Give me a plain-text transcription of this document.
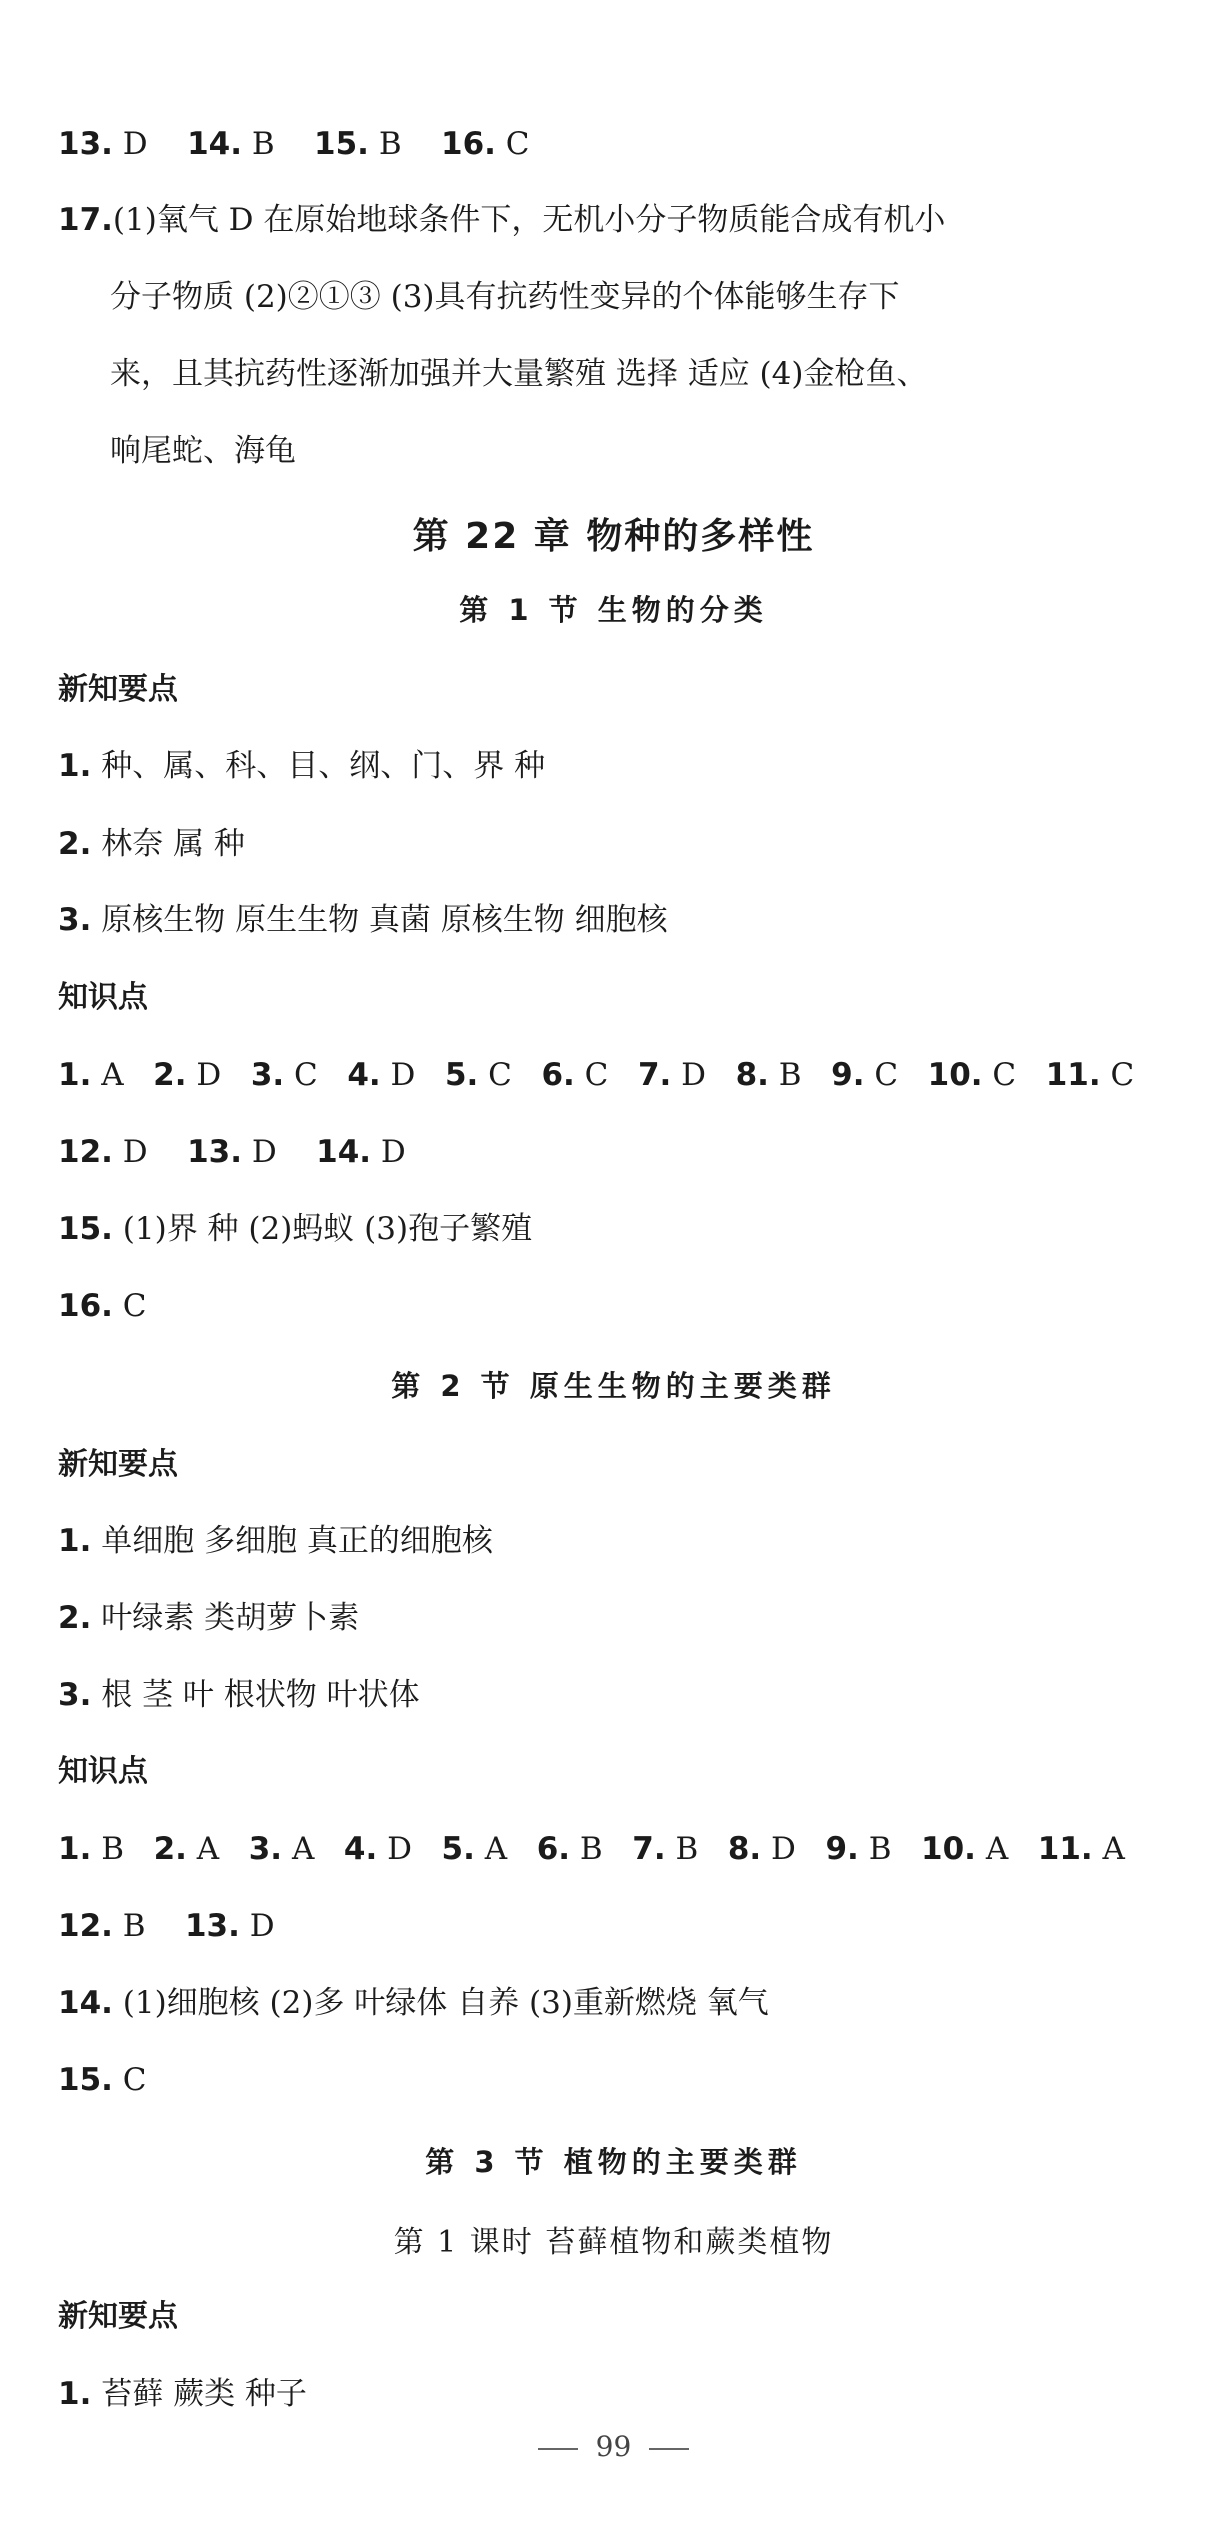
13. D 14. B 15. B 16. C
17.(1)氧气 D 在原始地球条件下，无机小分子物质能合成有机小
分子物质 (2)②①③ (3)具有抗药性变异的个体能够生存下
来，且其抗药性逐渐加强并大量繁殖 选择 适应 (4)金枪鱼、
响尾蛇、海龟
第 22 章 物种的多样性
第 1 节 生物的分类
新知要点
1. 种、属、科、目、纲、门、界 种
2. 林奈 属 种
3. 原核生物 原生生物 真菌 原核生物 细胞核
知识点
1. A 2. D 3. C 4. D 5. C 6. C 7. D 8. B 9. C 10. C 11. C
12. D 13. D 14. D
15. (1)界 种 (2)蚂蚁 (3)孢子繁殖
16. C
第 2 节 原生生物的主要类群
新知要点
1. 单细胞 多细胞 真正的细胞核
2. 叶绿素 类胡萝卜素
3. 根 茎 叶 根状物 叶状体
知识点
1. B 2. A 3. A 4. D 5. A 6. B 7. B 8. D 9. B 10. A 11. A
12. B 13. D
14. (1)细胞核 (2)多 叶绿体 自养 (3)重新燃烧 氧气
15. C
第 3 节 植物的主要类群
第 1 课时 苔藓植物和蕨类植物
新知要点
1. 苔藓 蕨类 种子
99
